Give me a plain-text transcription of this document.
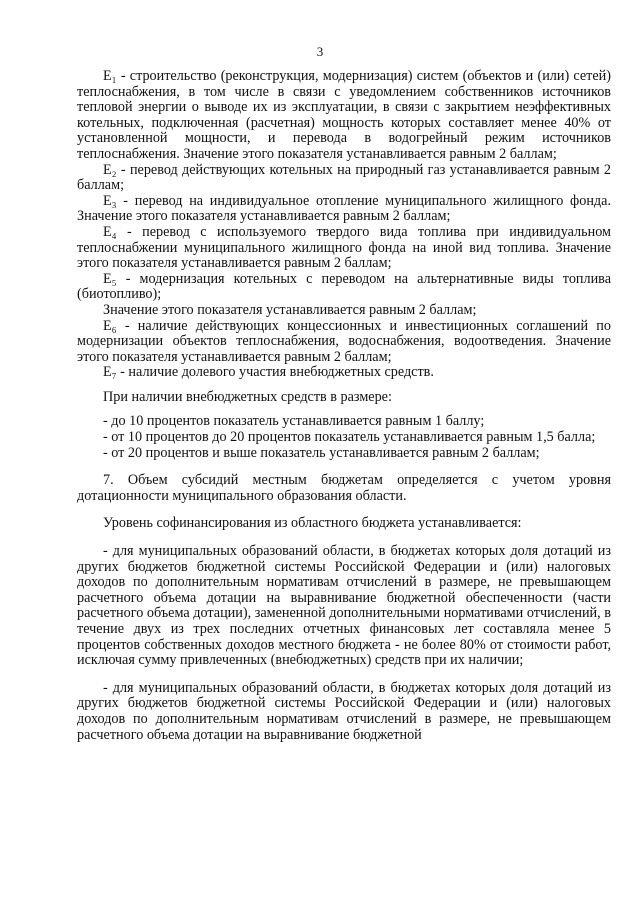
3

E₁ - строительство (реконструкция, модернизация) систем (объектов и (или) сетей) теплоснабжения, в том числе в связи с уведомлением собственников источников тепловой энергии о выводе их из эксплуатации, в связи с закрытием неэффективных котельных, подключенная (расчетная) мощность которых составляет менее 40% от установленной мощности, и перевода в водогрейный режим источников теплоснабжения. Значение этого показателя устанавливается равным 2 баллам;

E₂ - перевод действующих котельных на природный газ устанавливается равным 2 баллам;

E₃ - перевод на индивидуальное отопление муниципального жилищного фонда. Значение этого показателя устанавливается равным 2 баллам;

E₄ - перевод с используемого твердого вида топлива при индивидуальном теплоснабжении муниципального жилищного фонда на иной вид топлива. Значение этого показателя устанавливается равным 2 баллам;

E₅ - модернизация котельных с переводом на альтернативные виды топлива (биотопливо);

Значение этого показателя устанавливается равным 2 баллам;

E₆ - наличие действующих концессионных и инвестиционных соглашений по модернизации объектов теплоснабжения, водоснабжения, водоотведения. Значение этого показателя устанавливается равным 2 баллам;

E₇ - наличие долевого участия внебюджетных средств.

При наличии внебюджетных средств в размере:

- до 10 процентов показатель устанавливается равным 1 баллу;

- от 10 процентов до 20 процентов показатель устанавливается равным 1,5 балла;

- от 20 процентов и выше показатель устанавливается равным 2 баллам;

7. Объем субсидий местным бюджетам определяется с учетом уровня дотационности муниципального образования области.

Уровень софинансирования из областного бюджета устанавливается:

- для муниципальных образований области, в бюджетах которых доля дотаций из других бюджетов бюджетной системы Российской Федерации и (или) налоговых доходов по дополнительным нормативам отчислений в размере, не превышающем расчетного объема дотации на выравнивание бюджетной обеспеченности (части расчетного объема дотации), замененной дополнительными нормативами отчислений, в течение двух из трех последних отчетных финансовых лет составляла менее 5 процентов собственных доходов местного бюджета - не более 80% от стоимости работ, исключая сумму привлеченных (внебюджетных) средств при их наличии;

- для муниципальных образований области, в бюджетах которых доля дотаций из других бюджетов бюджетной системы Российской Федерации и (или) налоговых доходов по дополнительным нормативам отчислений в размере, не превышающем расчетного объема дотации на выравнивание бюджетной
